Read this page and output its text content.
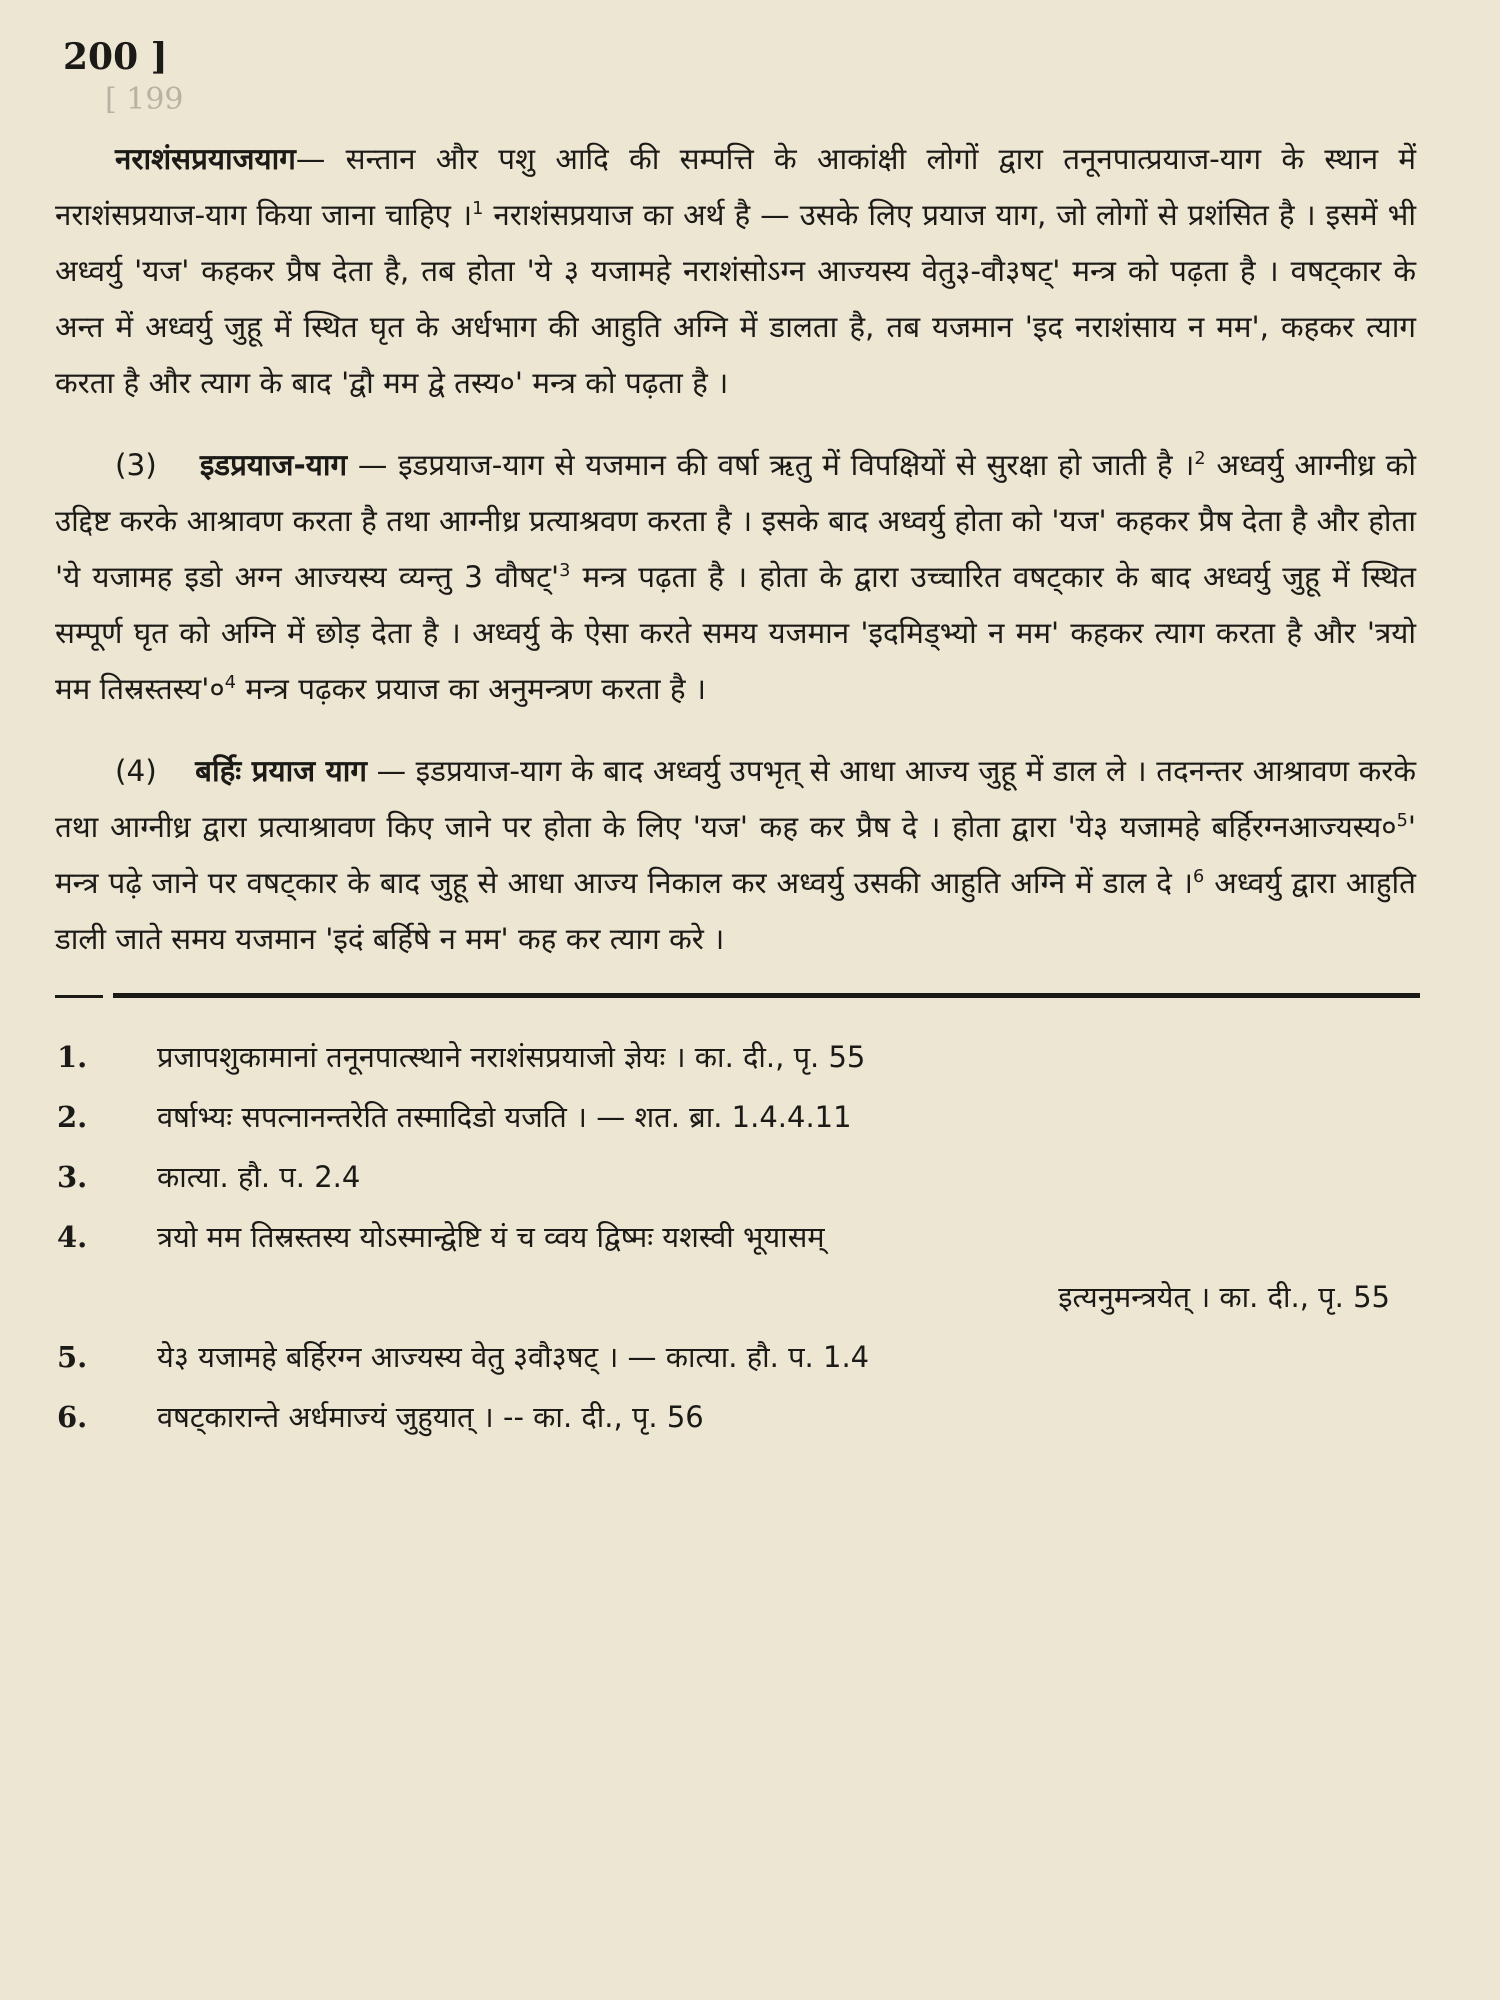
200 ]
[ 199

नराशंसप्रयाजयाग— सन्तान और पशु आदि की सम्पत्ति के आकांक्षी लोगों द्वारा तनूनपात्प्रयाज-याग के स्थान में नराशंसप्रयाज-याग किया जाना चाहिए ।$^1$ नराशंसप्रयाज का अर्थ है — उसके लिए प्रयाज याग, जो लोगों से प्रशंसित है । इसमें भी अध्वर्यु 'यज' कहकर प्रैष देता है, तब होता 'ये ३ यजामहे नराशंसोऽग्न आज्यस्य वेतु३-वौ३षट्' मन्त्र को पढ़ता है । वषट्कार के अन्त में अध्वर्यु जुहू में स्थित घृत के अर्धभाग की आहुति अग्नि में डालता है, तब यजमान 'इद नराशंसाय न मम', कहकर त्याग करता है और त्याग के बाद 'द्वौ मम द्वे तस्य०' मन्त्र को पढ़ता है ।

(3) इडप्रयाज-याग — इडप्रयाज-याग से यजमान की वर्षा ऋतु में विपक्षियों से सुरक्षा हो जाती है ।$^2$ अध्वर्यु आग्नीध्र को उद्दिष्ट करके आश्रावण करता है तथा आग्नीध्र प्रत्याश्रवण करता है । इसके बाद अध्वर्यु होता को 'यज' कहकर प्रैष देता है और होता 'ये यजामह इडो अग्न आज्यस्य व्यन्तु 3 $वौषट्'^3$ मन्त्र पढ़ता है । होता के द्वारा उच्चारित वषट्कार के बाद अध्वर्यु जुहू में स्थित सम्पूर्ण घृत को अग्नि में छोड़ देता है । अध्वर्यु के ऐसा करते समय यजमान 'इदमिड्भ्यो न मम' कहकर त्याग करता है और 'त्रयो मम $तिस्रस्तस्य'०^4$ मन्त्र पढ़कर प्रयाज का अनुमन्त्रण करता है ।

(4) बर्हिः प्रयाज याग — इडप्रयाज-याग के बाद अध्वर्यु उपभृत् से आधा आज्य जुहू में डाल ले । तदनन्तर आश्रावण करके तथा आग्नीध्र द्वारा प्रत्याश्रावण किए जाने पर होता के लिए 'यज' कह कर प्रैष दे । होता द्वारा 'ये३ यजामहे $बर्हिरग्नआज्यस्य०^5'$ मन्त्र पढ़े जाने पर वषट्कार के बाद जुहू से आधा आज्य निकाल कर अध्वर्यु उसकी आहुति अग्नि में डाल दे ।$^6$ अध्वर्यु द्वारा आहुति डाली जाते समय यजमान 'इदं बर्हिषे न मम' कह कर त्याग करे ।

1.	प्रजापशुकामानां तनूनपात्स्थाने नराशंसप्रयाजो ज्ञेयः । का. दी., पृ. 55
2.	वर्षाभ्यः सपत्नानन्तरेति तस्मादिडो यजति । — शत. ब्रा. 1.4.4.11
3.	कात्या. हौ. प. 2.4
4.	त्रयो मम तिस्रस्तस्य योऽस्मान्द्वेष्टि यं च व्वय द्विष्मः यशस्वी भूयासम्
इत्यनुमन्त्रयेत् । का. दी., पृ. 55
5.	ये३ यजामहे बर्हिरग्न आज्यस्य वेतु ३वौ३षट् । — कात्या. हौ. प. 1.4
6.	वषट्कारान्ते अर्धमाज्यं जुहुयात् । -- का. दी., पृ. 56
